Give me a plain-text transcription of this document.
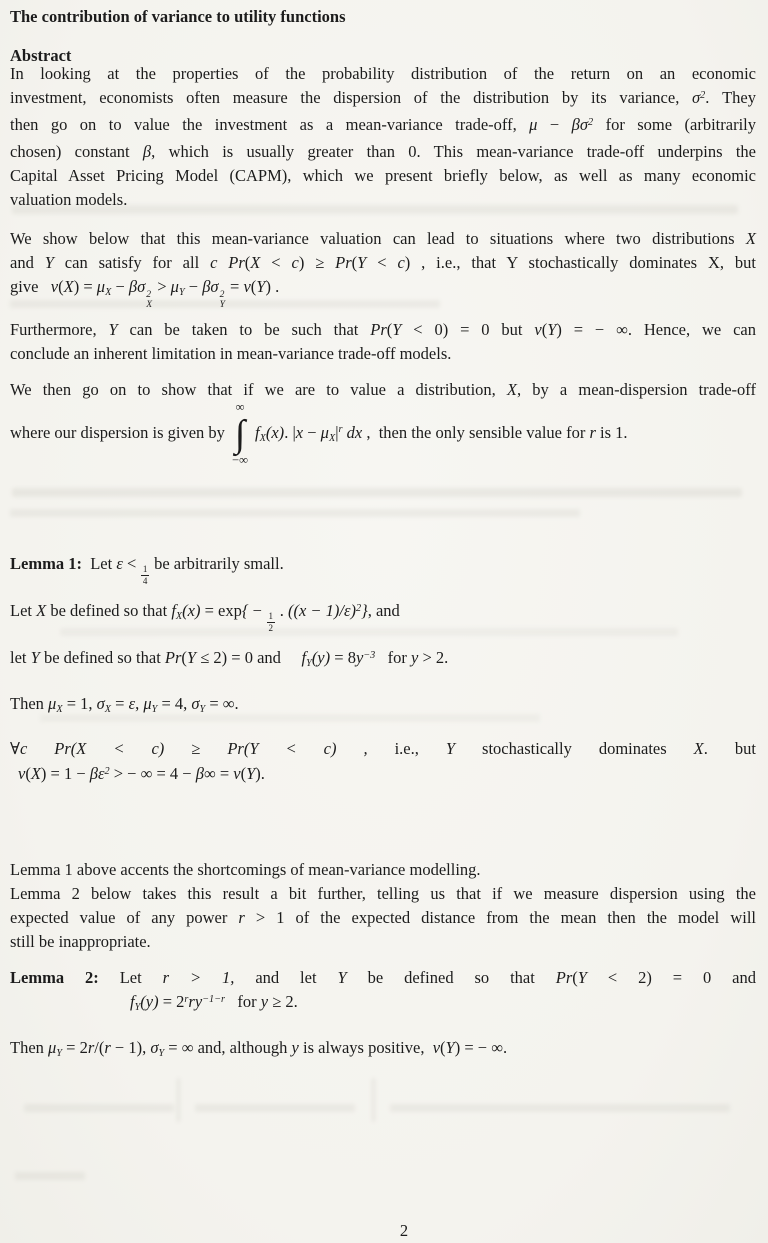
The contribution of variance to utility functions
Abstract
In looking at the properties of the probability distribution of the return on an economic
investment, economists often measure the dispersion of the distribution by its variance, $\sigma^2$. They
then go on to value the investment as a mean-variance trade-off, $\mu - \beta\sigma^2$ for some (arbitrarily
chosen) constant β, which is usually greater than 0. This mean-variance trade-off underpins the
Capital Asset Pricing Model (CAPM), which we present briefly below, as well as many economic
valuation models.
We show below that this mean-variance valuation can lead to situations where two distributions X
and Y can satisfy for all c Pr(X < c) ≥ Pr(Y < c) , i.e., that Y stochastically dominates X, but
give   v(X) = μX − βσ 2
X
> μY − βσ 2
Y
= v(Y) .
Furthermore, Y can be taken to be such that Pr(Y < 0) = 0 but v(Y) = − ∞. Hence, we can
conclude an inherent limitation in mean-variance trade-off models.
We then go on to show that if we are to value a distribution, X, by a mean-dispersion trade-off
where our dispersion is given by
∞
∫
−∞
fX(x). $|x - \mu X|^r$ dx ,  then the only sensible value for r is 1.
Lemma 1:  Let ε <
$\frac{1}{4}$
be arbitrarily small.
Let X be defined so that fX(x) = exp{ −
$\frac{1}{2}$
. $((x - 1)/\varepsilon)^2$}, and
let Y be defined so that Pr(Y ≤ 2) = 0 and     $fY(y) = 8y^{-3}$   for y > 2.
Then μX = 1, σX = ε, μY = 4, σY = ∞.
∀c Pr(X < c) ≥ Pr(Y < c) , i.e., Y stochastically dominates X. but
$v(X) = 1 - \beta\varepsilon^2$ > − ∞ = 4 − β∞ = v(Y).
Lemma 1 above accents the shortcomings of mean-variance modelling.
Lemma 2 below takes this result a bit further, telling us that if we measure dispersion using the
expected value of any power r > 1 of the expected distance from the mean then the model will
still be inappropriate.
Lemma 2: Let r > 1, and let Y be defined so that Pr(Y < 2) = 0 and
$fY(y) = 2^rry^{-1-r}$   for y ≥ 2.
Then μY = 2r/(r − 1), σY = ∞ and, although y is always positive,  v(Y) = − ∞.
2
